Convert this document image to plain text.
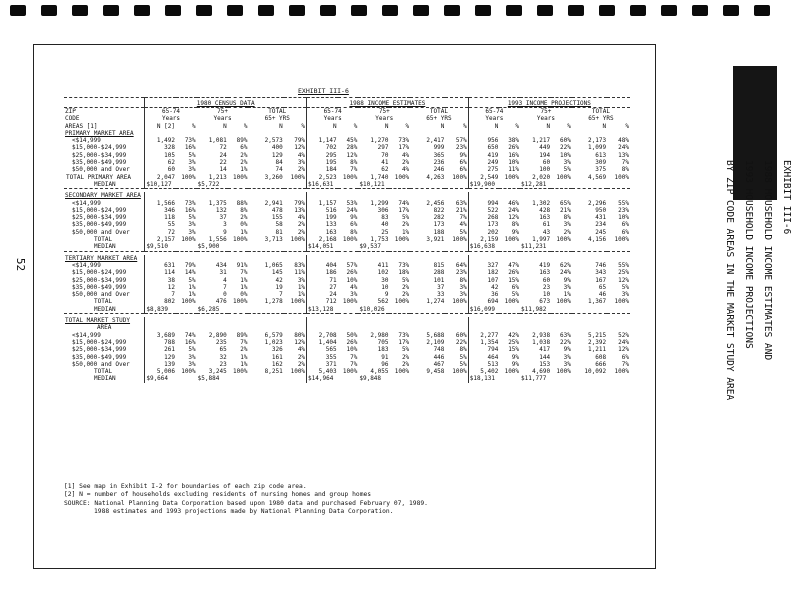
52
EXHIBIT III-6
1988 HOUSEHOLD INCOME ESTIMATES AND
1993 HOUSEHOLD INCOME PROJECTIONS
BY ZIP CODE AREAS IN THE MARKET STUDY AREA
EXHIBIT III-6
	1980 CENSUS DATA						1988 INCOME ESTIMATES						1993 INCOME PROJECTIONS					
ZIP	65-74		75+		TOTAL		65-74		75+		TOTAL		65-74		75+		TOTAL	
CODE	Years		Years		65+ YRS		Years		Years		65+ YRS		Years		Years		65+ YRS	
AREAS [1]	N [2]	%	N	%	N	%	N	%	N	%	N	%	N	%	N	%	N	%
PRIMARY MARKET AREA																		

<$14,999	1,492	73%	1,081	89%	2,573	79%	1,147	45%	1,270	73%	2,417	57%	956	38%	1,217	60%	2,173	48%
$15,000-$24,999	328	16%	72	6%	400	12%	702	28%	297	17%	999	23%	650	26%	449	22%	1,099	24%
$25,000-$34,999	105	5%	24	2%	129	4%	295	12%	70	4%	365	9%	419	16%	194	10%	613	13%
$35,000-$49,999	62	3%	22	2%	84	3%	195	8%	41	2%	236	6%	249	10%	60	3%	309	7%
$50,000 and Over	60	3%	14	1%	74	2%	184	7%	62	4%	246	6%	275	11%	100	5%	375	8%
TOTAL PRIMARY AREA	2,047	100%	1,213	100%	3,260	100%	2,523	100%	1,740	100%	4,263	100%	2,549	100%	2,020	100%	4,569	100%
MEDIAN	$10,127		$5,722				$16,631		$10,121				$19,900		$12,281			

SECONDARY MARKET AREA																		

<$14,999	1,566	73%	1,375	88%	2,941	79%	1,157	53%	1,299	74%	2,456	63%	994	46%	1,302	65%	2,296	55%
$15,000-$24,999	346	16%	132	8%	478	13%	516	24%	306	17%	822	21%	522	24%	428	21%	950	23%
$25,000-$34,999	118	5%	37	2%	155	4%	199	9%	83	5%	282	7%	268	12%	163	8%	431	10%
$35,000-$49,999	55	3%	3	0%	58	2%	133	6%	40	2%	173	4%	173	8%	61	3%	234	6%
$50,000 and Over	72	3%	9	1%	81	2%	163	8%	25	1%	188	5%	202	9%	43	2%	245	6%
TOTAL	2,157	100%	1,556	100%	3,713	100%	2,168	100%	1,753	100%	3,921	100%	2,159	100%	1,997	100%	4,156	100%
MEDIAN	$9,510		$5,900				$14,051		$9,537				$16,638		$11,231			

TERTIARY MARKET AREA																		

<$14,999	631	79%	434	91%	1,065	83%	404	57%	411	73%	815	64%	327	47%	419	62%	746	55%
$15,000-$24,999	114	14%	31	7%	145	11%	186	26%	102	18%	288	23%	182	26%	163	24%	343	25%
$25,000-$34,999	38	5%	4	1%	42	3%	71	10%	30	5%	101	8%	107	15%	60	9%	167	12%
$35,000-$49,999	12	1%	7	1%	19	1%	27	4%	10	2%	37	3%	42	6%	23	3%	65	5%
$50,000 and Over	7	1%	0	0%	7	1%	24	3%	9	2%	33	3%	36	5%	10	1%	46	3%
TOTAL	802	100%	476	100%	1,278	100%	712	100%	562	100%	1,274	100%	694	100%	673	100%	1,367	100%
MEDIAN	$8,839		$6,285				$13,128		$10,026				$16,099		$11,982			

TOTAL MARKET STUDY																		
AREA																		

<$14,999	3,689	74%	2,890	89%	6,579	80%	2,708	50%	2,980	73%	5,688	60%	2,277	42%	2,938	63%	5,215	52%
$15,000-$24,999	788	16%	235	7%	1,023	12%	1,404	26%	705	17%	2,109	22%	1,354	25%	1,038	22%	2,392	24%
$25,000-$34,999	261	5%	65	2%	326	4%	565	10%	183	5%	748	8%	794	15%	417	9%	1,211	12%
$35,000-$49,999	129	3%	32	1%	161	2%	355	7%	91	2%	446	5%	464	9%	144	3%	608	6%
$50,000 and Over	139	3%	23	1%	162	2%	371	7%	96	2%	467	5%	513	9%	153	3%	666	7%
TOTAL	5,006	100%	3,245	100%	8,251	100%	5,403	100%	4,055	100%	9,458	100%	5,402	100%	4,690	100%	10,092	100%
MEDIAN	$9,664		$5,884				$14,964		$9,848				$18,131		$11,777			
[1] See map in Exhibit I-2 for boundaries of each zip code area.
[2] N = number of households excluding residents of nursing homes and group homes
SOURCE: National Planning Data Corporation based upon 1980 data and purchased February 07, 1989.
1988 estimates and 1993 projections made by National Planning Data Corporation.
